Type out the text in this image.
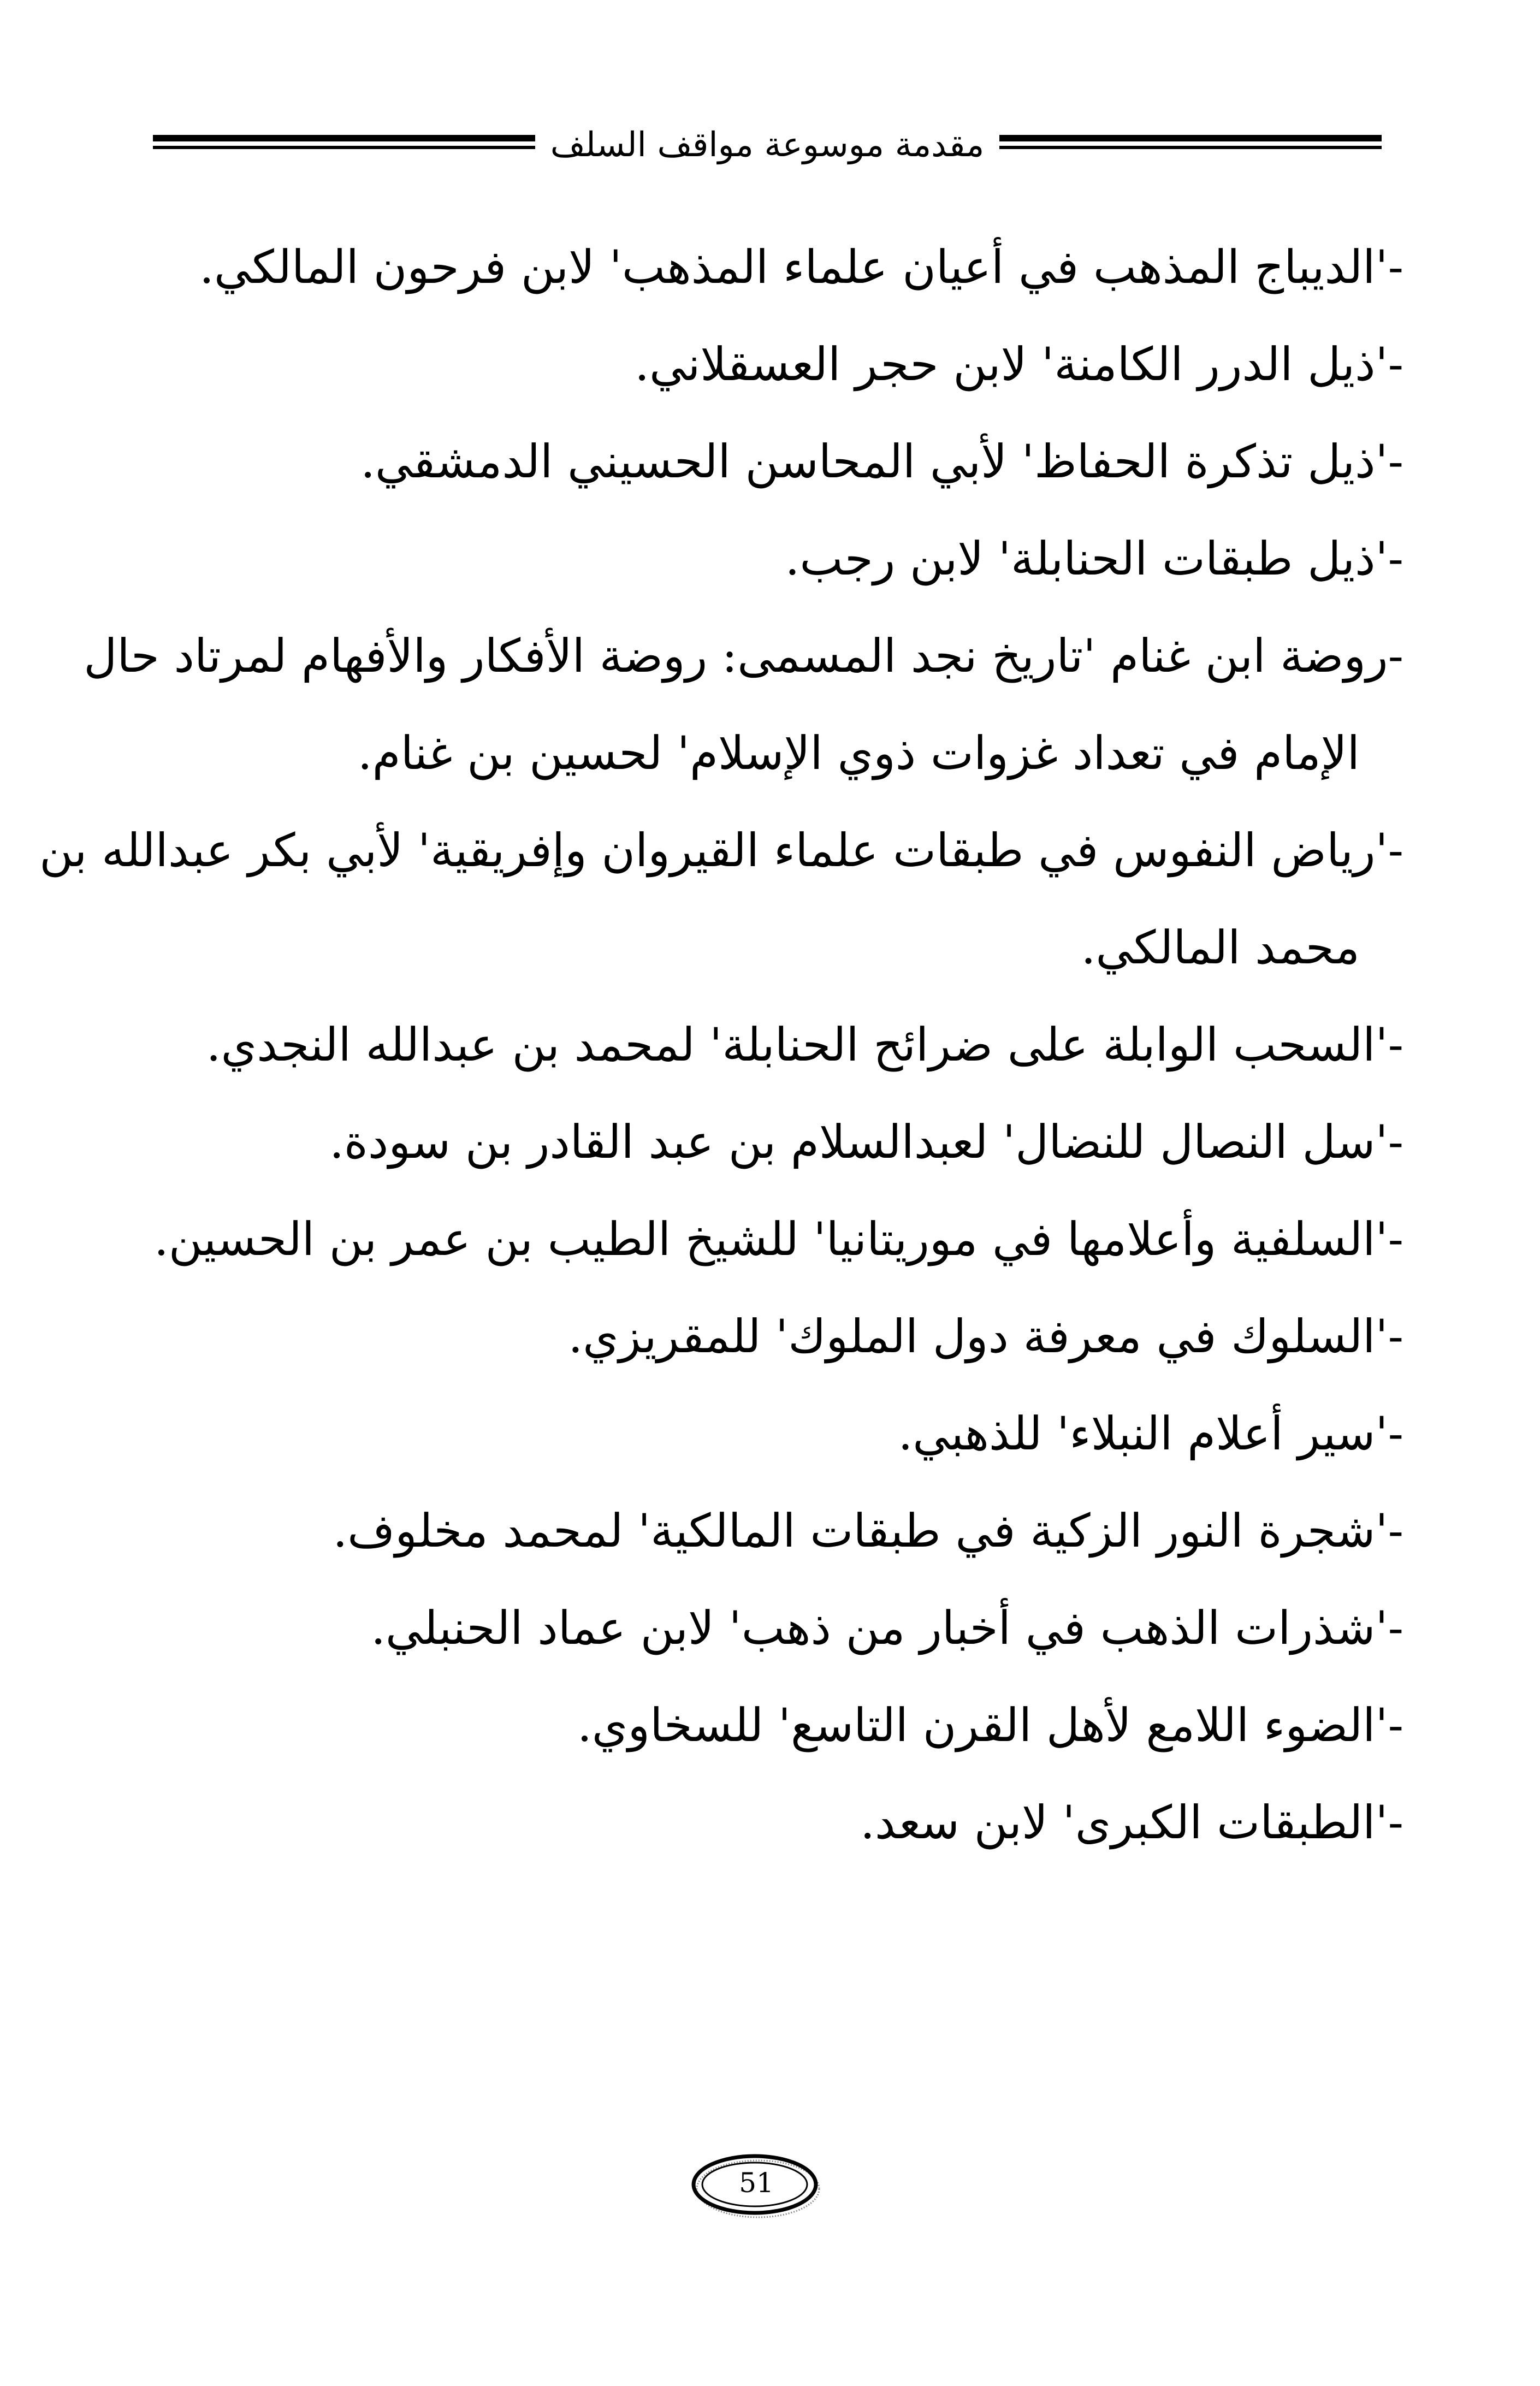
مقدمة موسوعة مواقف السلف
-'الديباج المذهب في أعيان علماء المذهب' لابن فرحون المالكي.
-'ذيل الدرر الكامنة' لابن حجر العسقلاني.
-'ذيل تذكرة الحفاظ' لأبي المحاسن الحسيني الدمشقي.
-'ذيل طبقات الحنابلة' لابن رجب.
-روضة ابن غنام 'تاريخ نجد المسمى: روضة الأفكار والأفهام لمرتاد حال
الإمام في تعداد غزوات ذوي الإسلام' لحسين بن غنام.
-'رياض النفوس في طبقات علماء القيروان وإفريقية' لأبي بكر عبدالله بن
محمد المالكي.
-'السحب الوابلة على ضرائح الحنابلة' لمحمد بن عبدالله النجدي.
-'سل النصال للنضال' لعبدالسلام بن عبد القادر بن سودة.
-'السلفية وأعلامها في موريتانيا' للشيخ الطيب بن عمر بن الحسين.
-'السلوك في معرفة دول الملوك' للمقريزي.
-'سير أعلام النبلاء' للذهبي.
-'شجرة النور الزكية في طبقات المالكية' لمحمد مخلوف.
-'شذرات الذهب في أخبار من ذهب' لابن عماد الحنبلي.
-'الضوء اللامع لأهل القرن التاسع' للسخاوي.
-'الطبقات الكبرى' لابن سعد.
51
